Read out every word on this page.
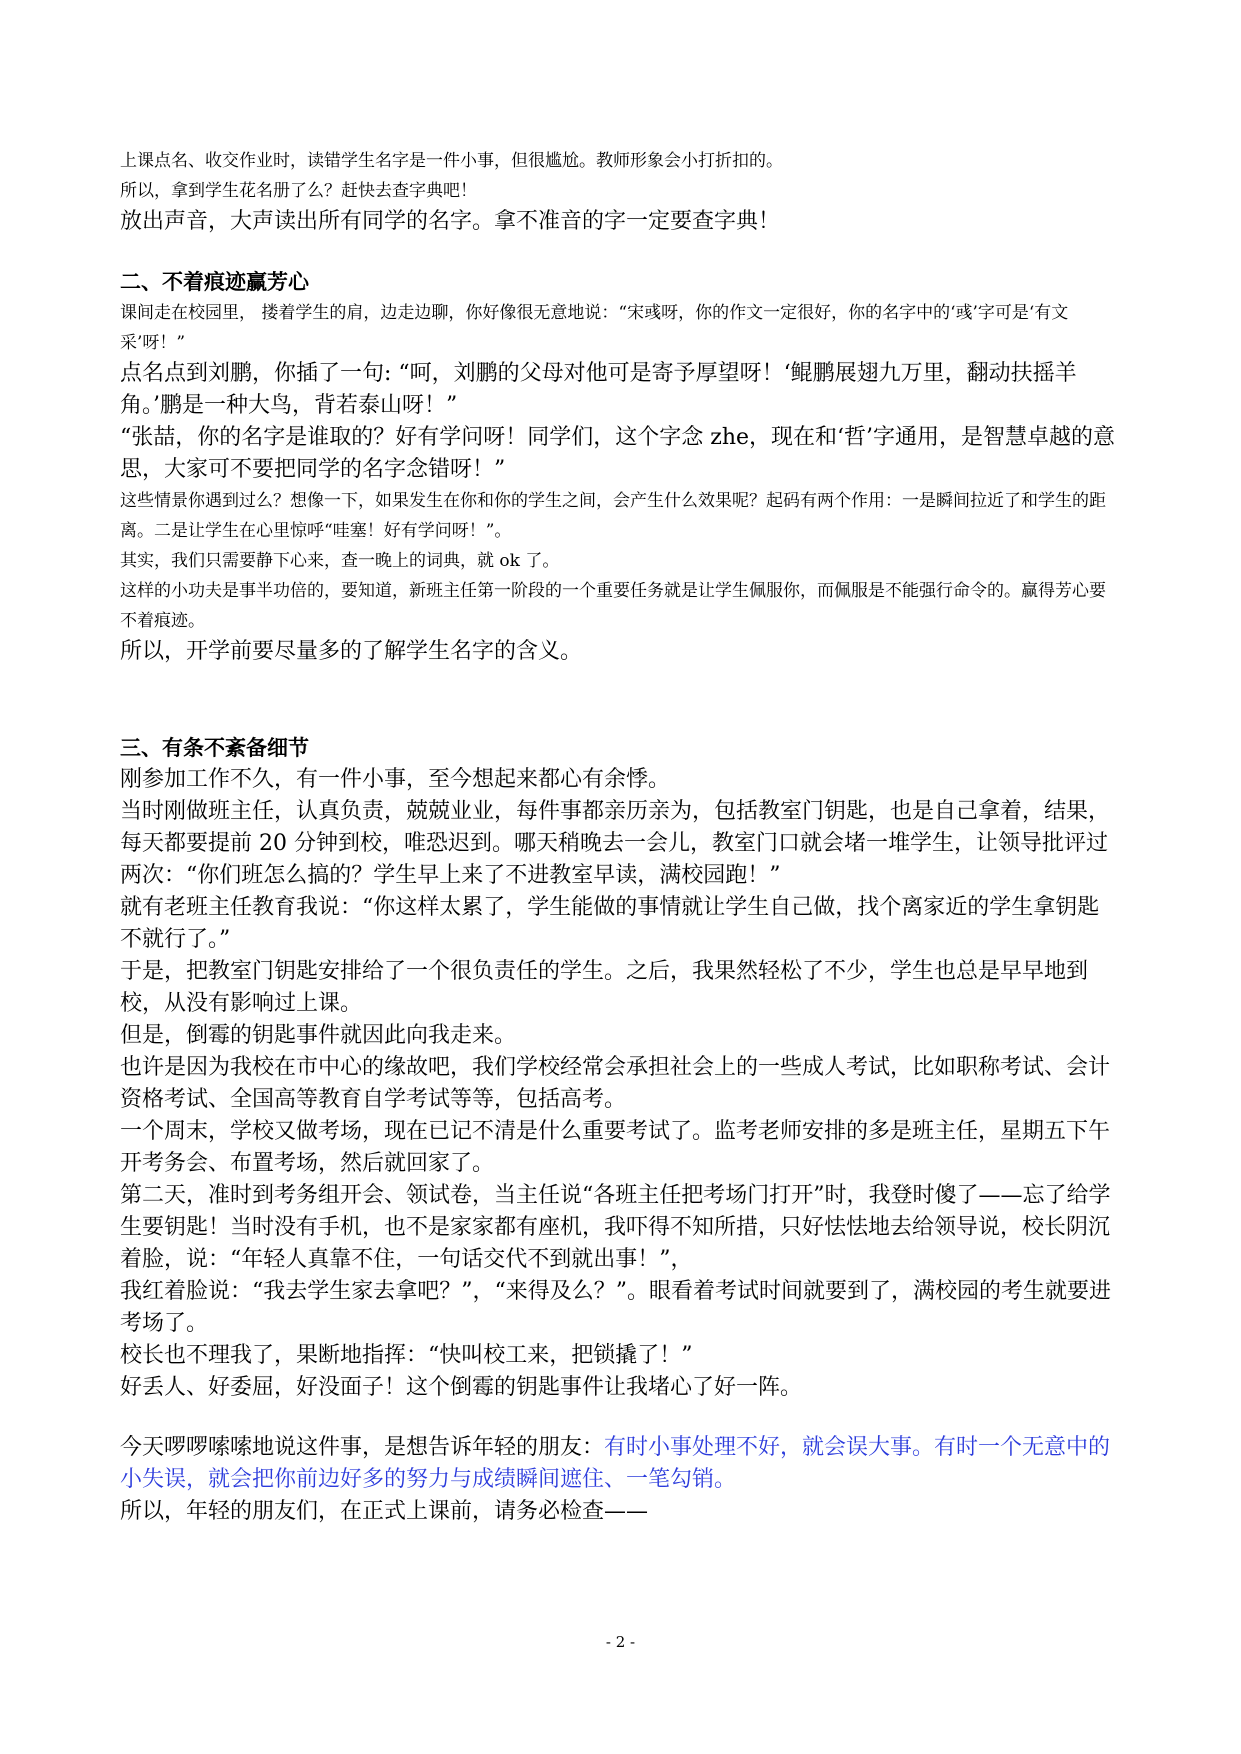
上课点名、收交作业时，读错学生名字是一件小事，但很尴尬。教师形象会小打折扣的。

所以，拿到学生花名册了么？赶快去查字典吧！

放出声音，大声读出所有同学的名字。拿不准音的字一定要查字典！

二、不着痕迹赢芳心

课间走在校园里， 搂着学生的肩，边走边聊，你好像很无意地说：“宋彧呀，你的作文一定很好，你的名字中的‘彧’字可是‘有文采’呀！”

点名点到刘鹏，你插了一句: “呵，刘鹏的父母对他可是寄予厚望呀！‘鲲鹏展翅九万里，翻动扶摇羊角。’鹏是一种大鸟，背若泰山呀！”

“张喆，你的名字是谁取的？好有学问呀！同学们，这个字念 zhe，现在和‘哲’字通用，是智慧卓越的意思，大家可不要把同学的名字念错呀！”

这些情景你遇到过么？想像一下，如果发生在你和你的学生之间，会产生什么效果呢？起码有两个作用：一是瞬间拉近了和学生的距离。二是让学生在心里惊呼“哇塞！好有学问呀！”。

其实，我们只需要静下心来，查一晚上的词典，就 ok 了。

这样的小功夫是事半功倍的，要知道，新班主任第一阶段的一个重要任务就是让学生佩服你，而佩服是不能强行命令的。赢得芳心要不着痕迹。

所以，开学前要尽量多的了解学生名字的含义。

三、有条不紊备细节

刚参加工作不久，有一件小事，至今想起来都心有余悸。

当时刚做班主任，认真负责，兢兢业业，每件事都亲历亲为，包括教室门钥匙，也是自己拿着，结果，每天都要提前 20 分钟到校，唯恐迟到。哪天稍晚去一会儿，教室门口就会堵一堆学生，让领导批评过两次：“你们班怎么搞的？学生早上来了不进教室早读，满校园跑！”

就有老班主任教育我说：“你这样太累了，学生能做的事情就让学生自己做，找个离家近的学生拿钥匙不就行了。”

于是，把教室门钥匙安排给了一个很负责任的学生。之后，我果然轻松了不少，学生也总是早早地到校，从没有影响过上课。

但是，倒霉的钥匙事件就因此向我走来。

也许是因为我校在市中心的缘故吧，我们学校经常会承担社会上的一些成人考试，比如职称考试、会计资格考试、全国高等教育自学考试等等，包括高考。

一个周末，学校又做考场，现在已记不清是什么重要考试了。监考老师安排的多是班主任，星期五下午开考务会、布置考场，然后就回家了。

第二天，准时到考务组开会、领试卷，当主任说“各班主任把考场门打开”时，我登时傻了——忘了给学生要钥匙！当时没有手机，也不是家家都有座机，我吓得不知所措，只好怯怯地去给领导说，校长阴沉着脸，说：“年轻人真靠不住，一句话交代不到就出事！”，

我红着脸说：“我去学生家去拿吧？”，“来得及么？”。眼看着考试时间就要到了，满校园的考生就要进考场了。

校长也不理我了，果断地指挥：“快叫校工来，把锁撬了！”

好丢人、好委屈，好没面子！这个倒霉的钥匙事件让我堵心了好一阵。

今天啰啰嗦嗦地说这件事，是想告诉年轻的朋友：有时小事处理不好，就会误大事。有时一个无意中的小失误，就会把你前边好多的努力与成绩瞬间遮住、一笔勾销。

所以，年轻的朋友们，在正式上课前，请务必检查——

- 2 -
